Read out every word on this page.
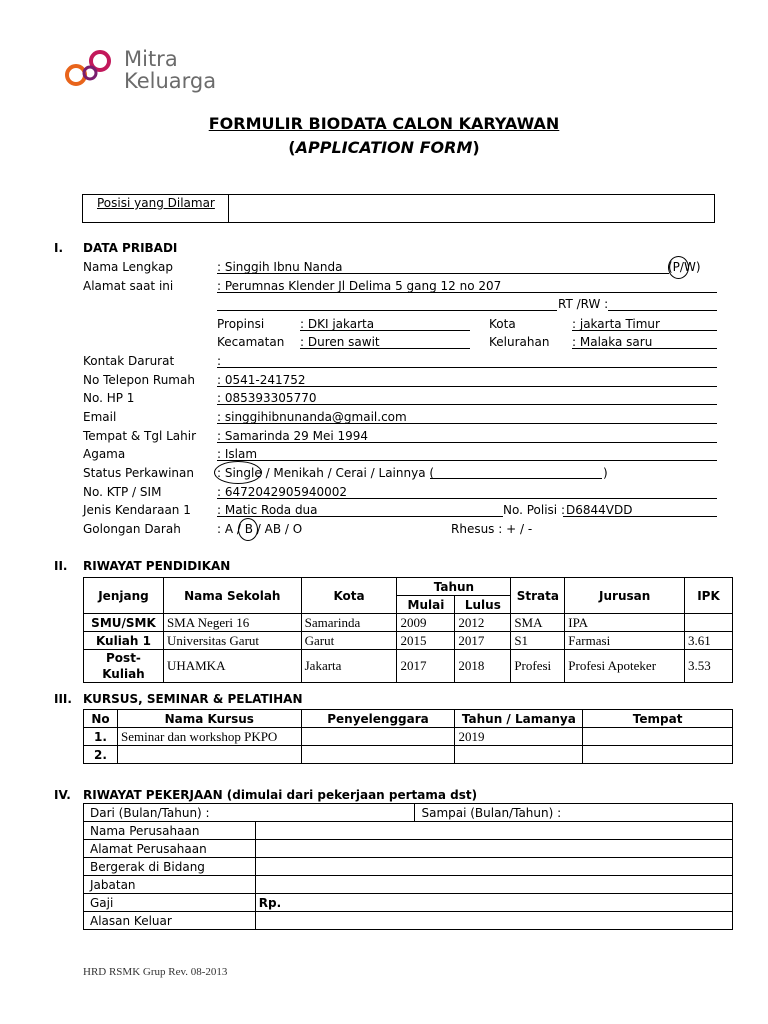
Mitra
Keluarga
FORMULIR BIODATA CALON KARYAWAN
(APPLICATION FORM)
Posisi yang Dilamar
I. DATA PRIBADI
Nama Lengkap	: Singgih Ibnu Nanda	(P/W)
Alamat saat ini	: Perumnas Klender Jl Delima 5 gang 12 no 207
RT /RW :
Propinsi	: DKI jakarta	Kota	: jakarta Timur
Kecamatan : Duren sawit	Kelurahan : Malaka saru
Kontak Darurat	:
No Telepon Rumah : 0541-241752
No. HP 1	: 085393305770
Email	: singgihibnunanda@gmail.com
Tempat & Tgl Lahir : Samarinda 29 Mei 1994
Agama	: Islam
Status Perkawinan : Single / Menikah / Cerai / Lainnya (	)
No. KTP / SIM	: 6472042905940002
Jenis Kendaraan 1 : Matic Roda dua	No. Polisi : D6844VDD
Golongan Darah	: A / B / AB / O	Rhesus : + / -
II. RIWAYAT PENDIDIKAN
Jenjang	Nama Sekolah	Kota	Tahun		Strata	Jurusan	IPK
			Mulai	Lulus			
SMU/SMK	SMA Negeri 16	Samarinda	2009	2012	SMA	IPA	
Kuliah 1	Universitas Garut	Garut	2015	2017	S1	Farmasi	3.61
Post-Kuliah	UHAMKA	Jakarta	2017	2018	Profesi	Profesi Apoteker	3.53
III. KURSUS, SEMINAR & PELATIHAN
No	Nama Kursus	Penyelenggara	Tahun / Lamanya	Tempat
1.	Seminar dan workshop PKPO		2019	
2.				
IV. RIWAYAT PEKERJAAN (dimulai dari pekerjaan pertama dst)
Dari (Bulan/Tahun) :		Sampai (Bulan/Tahun) :
Nama Perusahaan		
Alamat Perusahaan		
Bergerak di Bidang		
Jabatan		
Gaji	Rp.	
Alasan Keluar		
HRD RSMK Grup Rev. 08-2013
